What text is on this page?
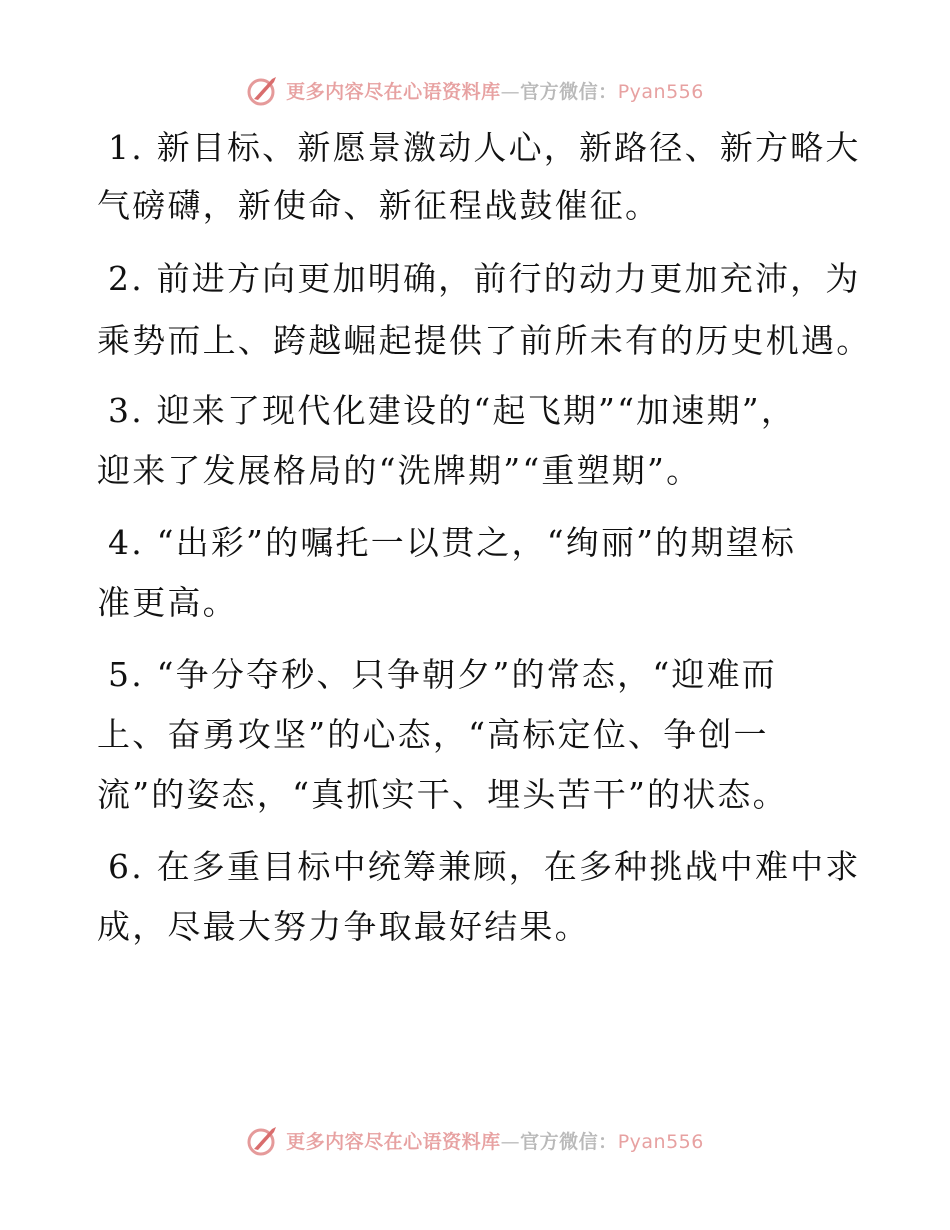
更多内容尽在心语资料库—官方微信：Pyan556
1. 新目标、新愿景激动人心，新路径、新方略大
气磅礴，新使命、新征程战鼓催征。
2. 前进方向更加明确，前行的动力更加充沛，为
乘势而上、跨越崛起提供了前所未有的历史机遇。
3. 迎来了现代化建设的“起飞期”“加速期”，
迎来了发展格局的“洗牌期”“重塑期”。
4. “出彩”的嘱托一以贯之，“绚丽”的期望标
准更高。
5. “争分夺秒、只争朝夕”的常态，“迎难而
上、奋勇攻坚”的心态，“高标定位、争创一
流”的姿态，“真抓实干、埋头苦干”的状态。
6. 在多重目标中统筹兼顾，在多种挑战中难中求
成，尽最大努力争取最好结果。
更多内容尽在心语资料库—官方微信：Pyan556
